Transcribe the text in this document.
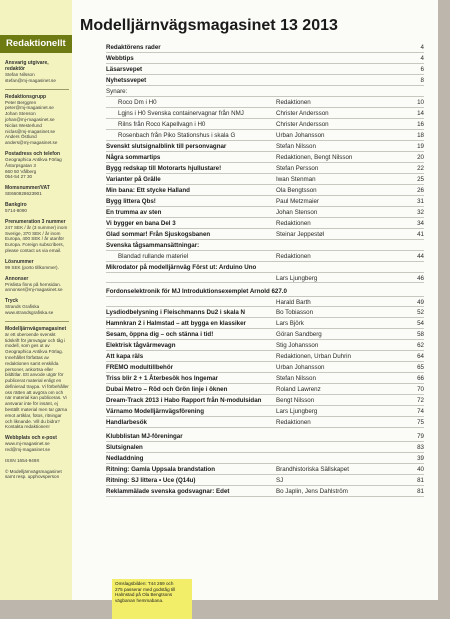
Redaktionellt
Ansvarig utgivare, redaktör
Stefan Nilsson
stefan@mj-magasinet.se
Redaktionsgrupp
Peter Berggren
peter@mj-magasinet.se
Johan Stenson
johan@mj-magasinet.se
Niclas Westerlund
niclas@mj-magasinet.se
Anders Östlund
anders@mj-magasinet.se
Postadress och telefon
Geographica Antikva Förlag
Åstorpsgatan 3
660 50 Vålberg
054-54 27 30
Momsnummer/VAT
SE660928623901
Bankgiro
5714-8090
Prenumeration 3 nummer
247 SEK / år (3 nummer) inom
Sverige, 370 SEK / år inom
Europa, 400 SEK / år utanför
Europa. Foreign subscribers,
please contact us via email.
Lösnummer
99 SEK (porto tillkommer).
Annonser
Prislista finns på hemsidan.
annonser@mj-magasinet.se
Tryck
Strands Grafiska
www.strandsgrafiska.se
Modelljärnvägsmagasinet
är ett oberoende svenskt tidskrift för järnvägar och tåg i modell, som ges ut av Geographica Antikva Förlag. Innehållet författas av redaktionen samt enskilda personer, ankortsa eller bildtitlar. Ett anvode utgör för publicerat material enligt en definierad traypa. Vi förbehåller oss rätten att avgöra om och när material kan publiceras. Vi ansvarar inte för insänt, ej beställt material men tar gärna emot artiklar, fotos, ritningar och liknande. Vill du bidra? Kontakta redaktionen!
Webbplats och e-post
www.mj-magasinet.se
red@mj-magasinet.se
ISSN 1654-949X
© Modelljärnvägsmagasinet
samt resp. upphovsperson
Modelljärnvägsmagasinet 13 2013
Redaktörens rader	4
Webbtips	4
Läsarsvepet	6
Nyhetssvepet	8
Synare:
Roco Dm i H0	Redaktionen	10
Lgjns i H0 Svenska containervagnar från NMJ	Christer Andersson	14
Rilns från Roco Kapellvagn i H0	Christer Andersson	16
Rosenbach från Piko Stationshus i skala G	Urban Johansson	18
Svenskt slutsignalblink till personvagnar	Stefan Nilsson	19
Några sommartips	Redaktionen, Bengt Nilsson	20
Bygg redskap till Motorarts hjullustare!	Stefan Persson	22
Varianter på Grälle	Iwan Stenman	25
Min bana: Ett stycke Halland	Ola Bengtsson	26
Bygg littera Qbs!	Paul Metzmaier	31
En trumma av sten	Johan Stenson	32
Vi bygger en bana Del 3	Redaktionen	34
Glad sommar! Från Sjuskogsbanen	Steinar Jeppestøl	41
Svenska tågsammansättningar:
Blandad rullande materiel	Redaktionen	44
Mikrodator på modelljärnväg Först ut: Arduino Uno
Lars Ljungberg	46
Fordonselektronik för MJ Introduktionsexemplet Arnold 627.0
Harald Barth	49
Lysdiodbelysning i Fleischmanns Du2 i skala N	Bo Tobiasson	52
Hamnkran 2 i Halmstad – att bygga en klassiker	Lars Björk	54
Sesam, öppna dig – och stänna i tid!	Göran Sandberg	58
Elektrisk tågvärmevagn	Stig Johansson	62
Att kapa räls	Redaktionen, Urban Duhrin	64
FREMO modultillbehör	Urban Johansson	65
Triss blir 2 + 1 Återbesök hos Ingemar	Stefan Nilsson	66
Dubai Metro – Röd och Grön linje i öknen	Roland Lawrenz	70
Dream-Track 2013 i Habo Rapport från N-modulsidan	Bengt Nilsson	72
Värnamo Modelljärnvägsförening	Lars Ljungberg	74
Handlarbesök	Redaktionen	75
Klubblistan MJ-föreningar	79
Slutsignalen	83
Nedladdning	39
Ritning: Gamla Uppsala brandstation	Brandhistoriska Sällskapet	40
Ritning: SJ littera • Uce (Q14u)	SJ	81
Reklammälade svenska godsvagnar: Edet	Bo Japlin, Jens Dahlström	81
Omslagsbilden: T44 269 och
275 passerar med godståg till
Halmstad på Ola Bengtsons
vägbanan hemmabana.
